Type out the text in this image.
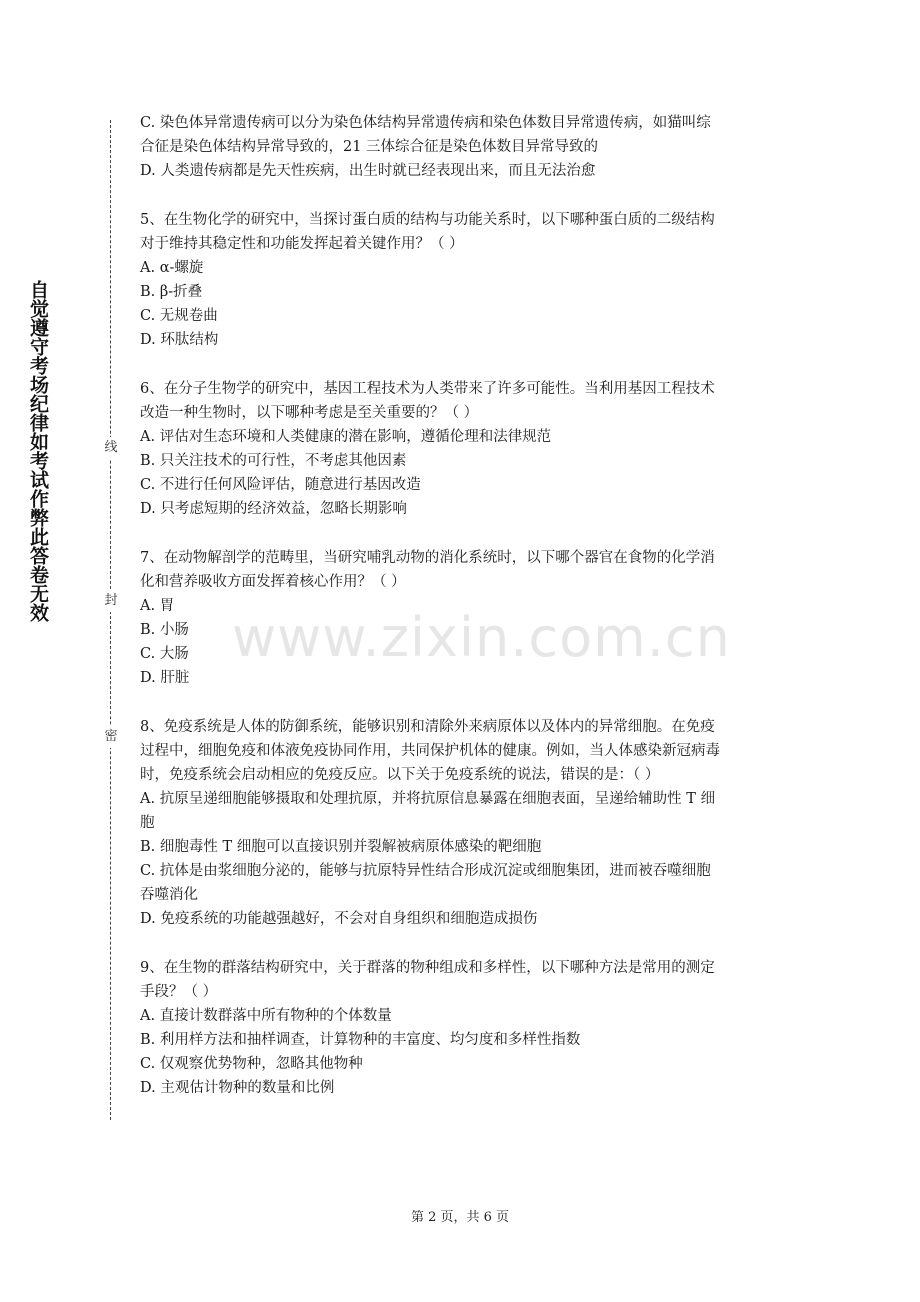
自觉遵守考场纪律如考试作弊此答卷无效	线
封
密
C. 染色体异常遗传病可以分为染色体结构异常遗传病和染色体数目异常遗传病，如猫叫综
合征是染色体结构异常导致的，21 三体综合征是染色体数目异常导致的
D. 人类遗传病都是先天性疾病，出生时就已经表现出来，而且无法治愈
5、在生物化学的研究中，当探讨蛋白质的结构与功能关系时，以下哪种蛋白质的二级结构
对于维持其稳定性和功能发挥起着关键作用？（ ）
A. α-螺旋
B. β-折叠
C. 无规卷曲
D. 环肽结构
6、在分子生物学的研究中，基因工程技术为人类带来了许多可能性。当利用基因工程技术
改造一种生物时，以下哪种考虑是至关重要的？（ ）
A. 评估对生态环境和人类健康的潜在影响，遵循伦理和法律规范
B. 只关注技术的可行性，不考虑其他因素
C. 不进行任何风险评估，随意进行基因改造
D. 只考虑短期的经济效益，忽略长期影响
7、在动物解剖学的范畴里，当研究哺乳动物的消化系统时，以下哪个器官在食物的化学消
化和营养吸收方面发挥着核心作用？（ ）
A. 胃
B. 小肠
C. 大肠
D. 肝脏
8、免疫系统是人体的防御系统，能够识别和清除外来病原体以及体内的异常细胞。在免疫
过程中，细胞免疫和体液免疫协同作用，共同保护机体的健康。例如，当人体感染新冠病毒
时，免疫系统会启动相应的免疫反应。以下关于免疫系统的说法，错误的是：（ ）
A. 抗原呈递细胞能够摄取和处理抗原，并将抗原信息暴露在细胞表面，呈递给辅助性 T 细
胞
B. 细胞毒性 T 细胞可以直接识别并裂解被病原体感染的靶细胞
C. 抗体是由浆细胞分泌的，能够与抗原特异性结合形成沉淀或细胞集团，进而被吞噬细胞
吞噬消化
D. 免疫系统的功能越强越好，不会对自身组织和细胞造成损伤
9、在生物的群落结构研究中，关于群落的物种组成和多样性，以下哪种方法是常用的测定
手段？（ ）
A. 直接计数群落中所有物种的个体数量
B. 利用样方法和抽样调查，计算物种的丰富度、均匀度和多样性指数
C. 仅观察优势物种，忽略其他物种
D. 主观估计物种的数量和比例
www.zixin.com.cn
第 2 页，共 6 页
